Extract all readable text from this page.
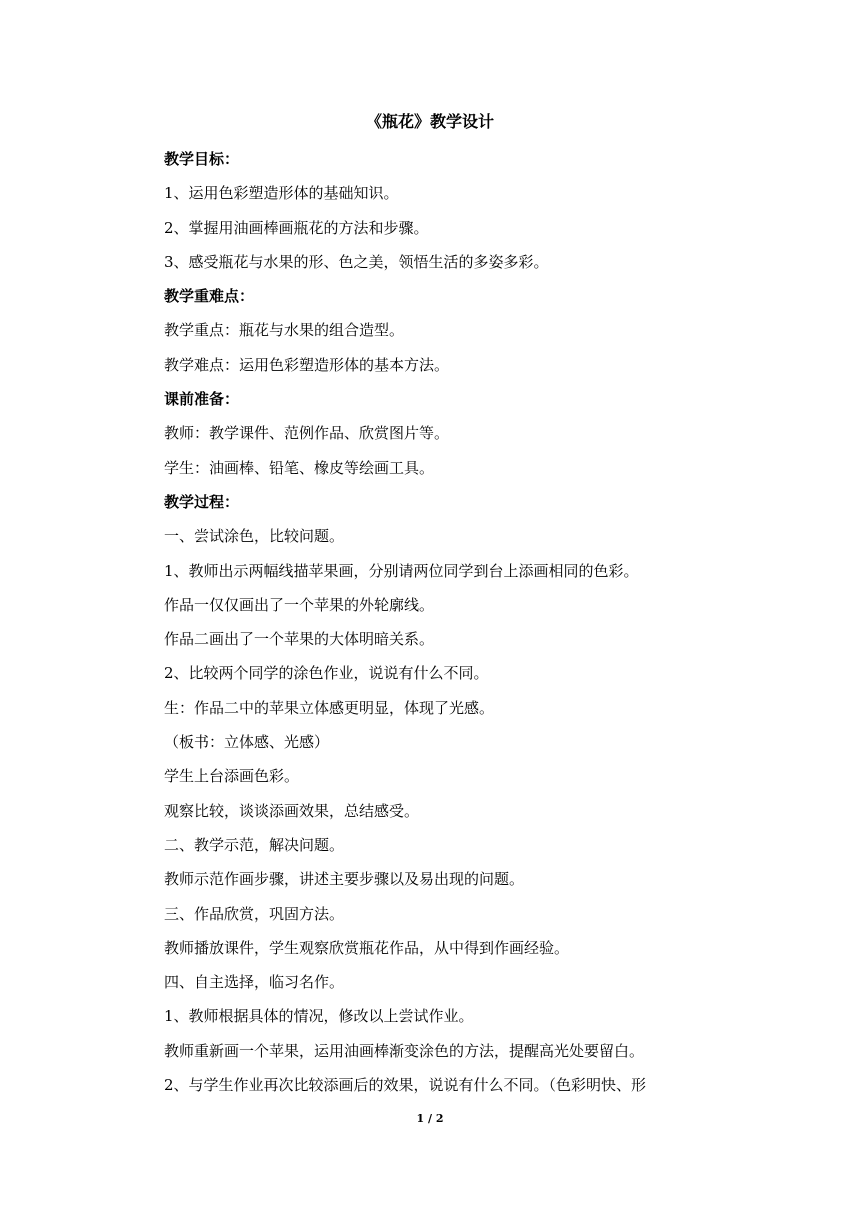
《瓶花》教学设计

教学目标：

1、运用色彩塑造形体的基础知识。

2、掌握用油画棒画瓶花的方法和步骤。

3、感受瓶花与水果的形、色之美，领悟生活的多姿多彩。

教学重难点：

教学重点：瓶花与水果的组合造型。

教学难点：运用色彩塑造形体的基本方法。

课前准备：

教师：教学课件、范例作品、欣赏图片等。

学生：油画棒、铅笔、橡皮等绘画工具。

教学过程：

一、尝试涂色，比较问题。

1、教师出示两幅线描苹果画，分别请两位同学到台上添画相同的色彩。

作品一仅仅画出了一个苹果的外轮廓线。

作品二画出了一个苹果的大体明暗关系。

2、比较两个同学的涂色作业，说说有什么不同。

生：作品二中的苹果立体感更明显，体现了光感。

（板书：立体感、光感）

学生上台添画色彩。

观察比较，谈谈添画效果，总结感受。

二、教学示范，解决问题。

教师示范作画步骤，讲述主要步骤以及易出现的问题。

三、作品欣赏，巩固方法。

教师播放课件，学生观察欣赏瓶花作品，从中得到作画经验。

四、自主选择，临习名作。

1、教师根据具体的情况，修改以上尝试作业。

教师重新画一个苹果，运用油画棒渐变涂色的方法，提醒高光处要留白。

2、与学生作业再次比较添画后的效果，说说有什么不同。（色彩明快、形

1 / 2
